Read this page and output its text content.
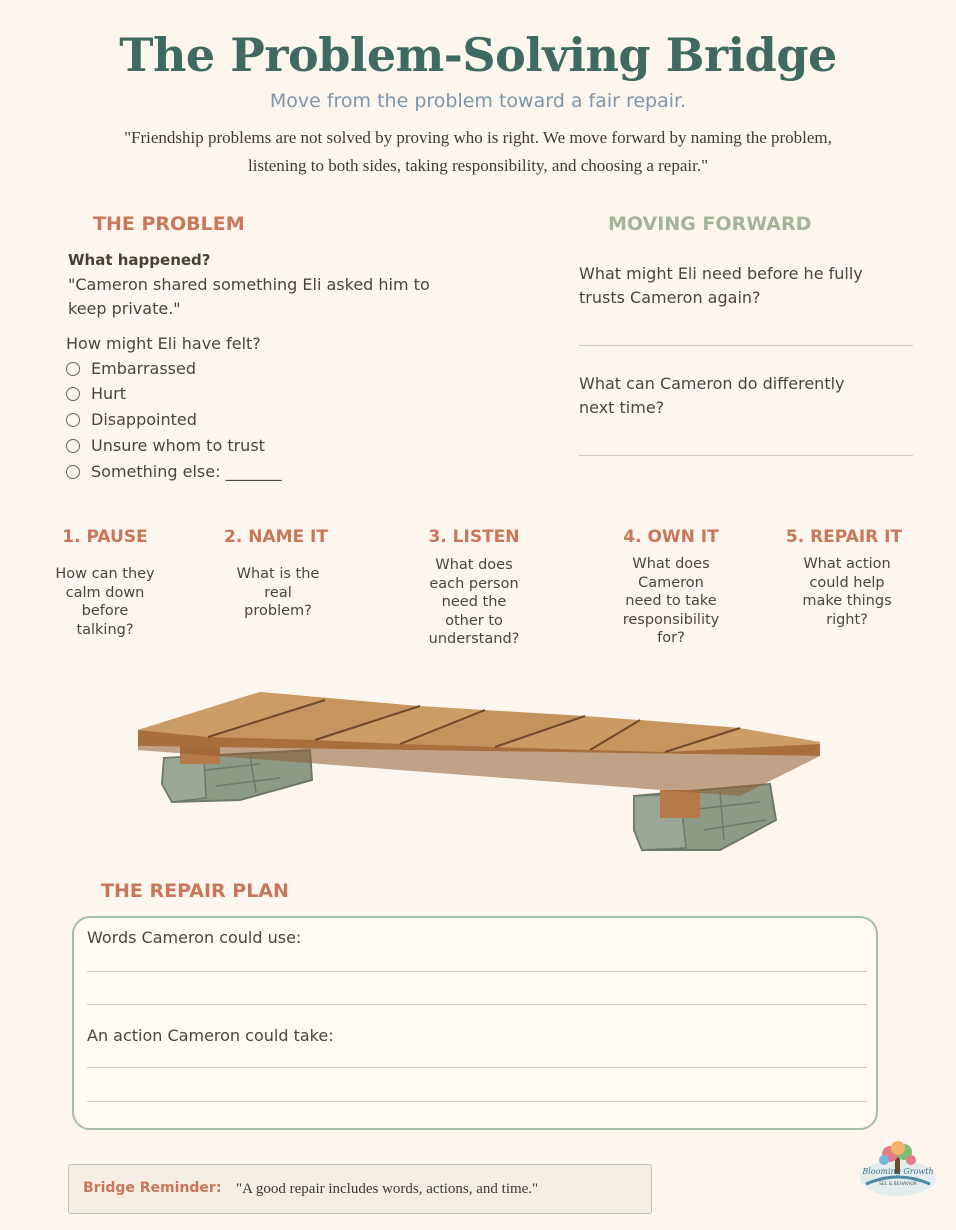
The Problem-Solving Bridge
Move from the problem toward a fair repair.
"Friendship problems are not solved by proving who is right. We move forward by naming the problem,
listening to both sides, taking responsibility, and choosing a repair."
THE PROBLEM
What happened?
"Cameron shared something Eli asked him to
keep private."
How might Eli have felt?
Embarrassed
Hurt
Disappointed
Unsure whom to trust
Something else: _______
MOVING FORWARD
What might Eli need before he fully
trusts Cameron again?
What can Cameron do differently
next time?
1. PAUSE
How can they
calm down
before
talking?
2. NAME IT
What is the
real
problem?
3. LISTEN
What does
each person
need the
other to
understand?
4. OWN IT
What does
Cameron
need to take
responsibility
for?
5. REPAIR IT
What action
could help
make things
right?
THE REPAIR PLAN
Words Cameron could use:
An action Cameron could take:
Bridge Reminder: "A good repair includes words, actions, and time."
Blooming Growth
SEL & BEHAVIOR
